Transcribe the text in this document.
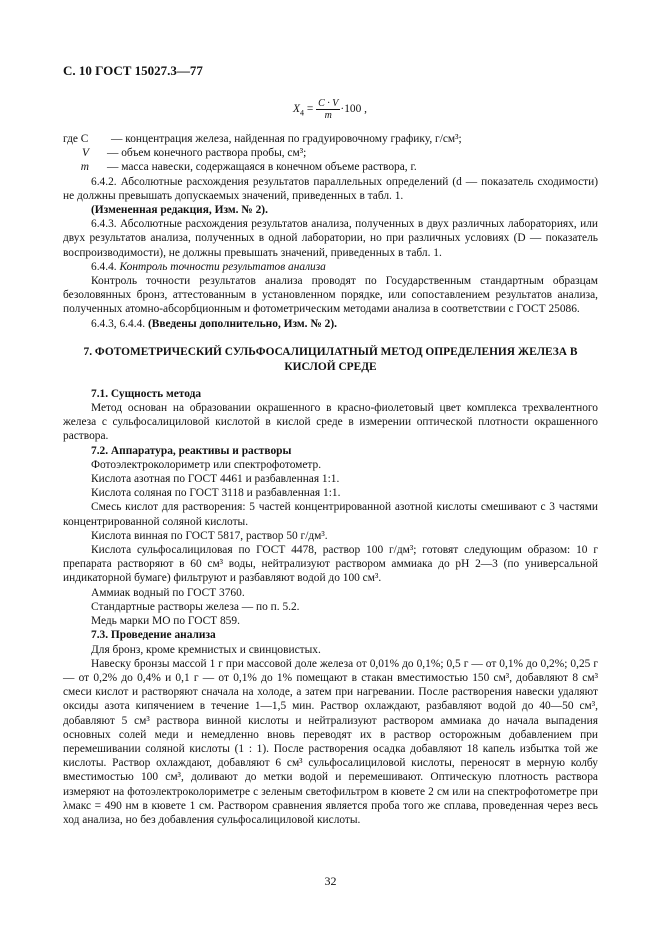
С. 10 ГОСТ 15027.3—77
$X_4 = \frac{C \cdot V}{m} \cdot 100$ ,
где C	— концентрация железа, найденная по градуировочному графику, г/см³;
V	— объем конечного раствора пробы, см³;
m	— масса навески, содержащаяся в конечном объеме раствора, г.

6.4.2. Абсолютные расхождения результатов параллельных определений (d — показатель сходимости) не должны превышать допускаемых значений, приведенных в табл. 1.

(Измененная редакция, Изм. № 2).

6.4.3. Абсолютные расхождения результатов анализа, полученных в двух различных лабораториях, или двух результатов анализа, полученных в одной лаборатории, но при различных условиях (D — показатель воспроизводимости), не должны превышать значений, приведенных в табл. 1.

6.4.4. Контроль точности результатов анализа

Контроль точности результатов анализа проводят по Государственным стандартным образцам безоловянных бронз, аттестованным в установленном порядке, или сопоставлением результатов анализа, полученных атомно-абсорбционным и фотометрическим методами анализа в соответствии с ГОСТ 25086.

6.4.3, 6.4.4. (Введены дополнительно, Изм. № 2).

7. ФОТОМЕТРИЧЕСКИЙ СУЛЬФОСАЛИЦИЛАТНЫЙ МЕТОД ОПРЕДЕЛЕНИЯ ЖЕЛЕЗА В КИСЛОЙ СРЕДЕ

7.1. Сущность метода

Метод основан на образовании окрашенного в красно-фиолетовый цвет комплекса трехвалентного железа с сульфосалициловой кислотой в кислой среде в измерении оптической плотности окрашенного раствора.

7.2. Аппаратура, реактивы и растворы

Фотоэлектроколориметр или спектрофотометр.

Кислота азотная по ГОСТ 4461 и разбавленная 1:1.

Кислота соляная по ГОСТ 3118 и разбавленная 1:1.

Смесь кислот для растворения: 5 частей концентрированной азотной кислоты смешивают с 3 частями концентрированной соляной кислоты.

Кислота винная по ГОСТ 5817, раствор 50 г/дм³.

Кислота сульфосалициловая по ГОСТ 4478, раствор 100 г/дм³; готовят следующим образом: 10 г препарата растворяют в 60 см³ воды, нейтрализуют раствором аммиака до рН 2—3 (по универсальной индикаторной бумаге) фильтруют и разбавляют водой до 100 см³.

Аммиак водный по ГОСТ 3760.

Стандартные растворы железа — по п. 5.2.

Медь марки МО по ГОСТ 859.

7.3. Проведение анализа

Для бронз, кроме кремнистых и свинцовистых.

Навеску бронзы массой 1 г при массовой доле железа от 0,01% до 0,1%; 0,5 г — от 0,1% до 0,2%; 0,25 г — от 0,2% до 0,4% и 0,1 г — от 0,1% до 1% помещают в стакан вместимостью 150 см³, добавляют 8 см³ смеси кислот и растворяют сначала на холоде, а затем при нагревании. После растворения навески удаляют оксиды азота кипячением в течение 1—1,5 мин. Раствор охлаждают, разбавляют водой до 40—50 см³, добавляют 5 см³ раствора винной кислоты и нейтрализуют раствором аммиака до начала выпадения основных солей меди и немедленно вновь переводят их в раствор осторожным добавлением при перемешивании соляной кислоты (1 : 1). После растворения осадка добавляют 18 капель избытка той же кислоты. Раствор охлаждают, добавляют 6 см³ сульфосалициловой кислоты, переносят в мерную колбу вместимостью 100 см³, доливают до метки водой и перемешивают. Оптическую плотность раствора измеряют на фотоэлектроколориметре с зеленым светофильтром в кювете 2 см или на спектрофотометре при λмакс = 490 нм в кювете 1 см. Раствором сравнения является проба того же сплава, проведенная через весь ход анализа, но без добавления сульфосалициловой кислоты.

32
